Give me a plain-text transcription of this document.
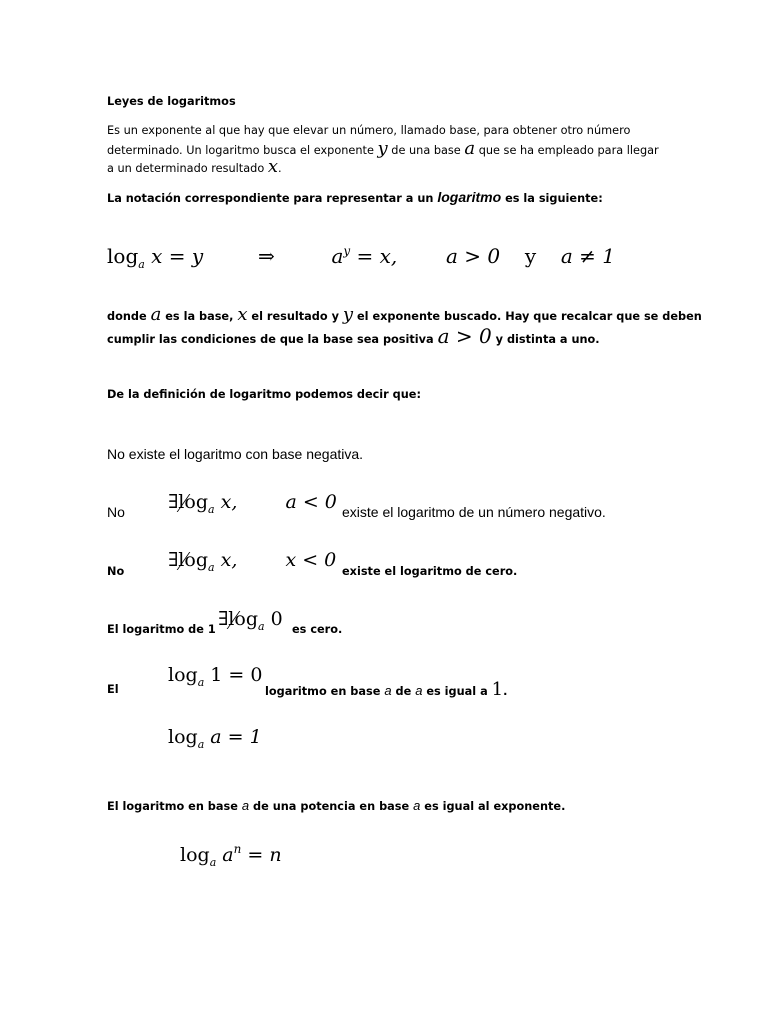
Leyes de logaritmos
Es un exponente al que hay que elevar un número, llamado base, para obtener otro número
determinado. Un logaritmo busca el exponente y de una base a que se ha empleado para llegar
a un determinado resultado x.
La notación correspondiente para representar a un logaritmo es la siguiente:
$\log_a x = y$	⇒	$a^y = x$, a > 0 y a ≠ 1
donde a es la base, x el resultado y y el exponente buscado. Hay que recalcar que se deben
cumplir las condiciones de que la base sea positiva a > 0 y distinta a uno.
De la definición de logaritmo podemos decir que:
No existe el logaritmo con base negativa.
No $\exists\log_a$ x,	a < 0 existe el logaritmo de un número negativo.
No
$\exists\log_a$ x,	x < 0
existe el logaritmo de cero.
El logaritmo de 1 $\exists\log_a$ 0 es cero.
$\log_a 1 = 0$
El	logaritmo en base a de a es igual a 1.
$\log_a a = 1$
El logaritmo en base a de una potencia en base a es igual al exponente.
$\log_a a^n = n$
